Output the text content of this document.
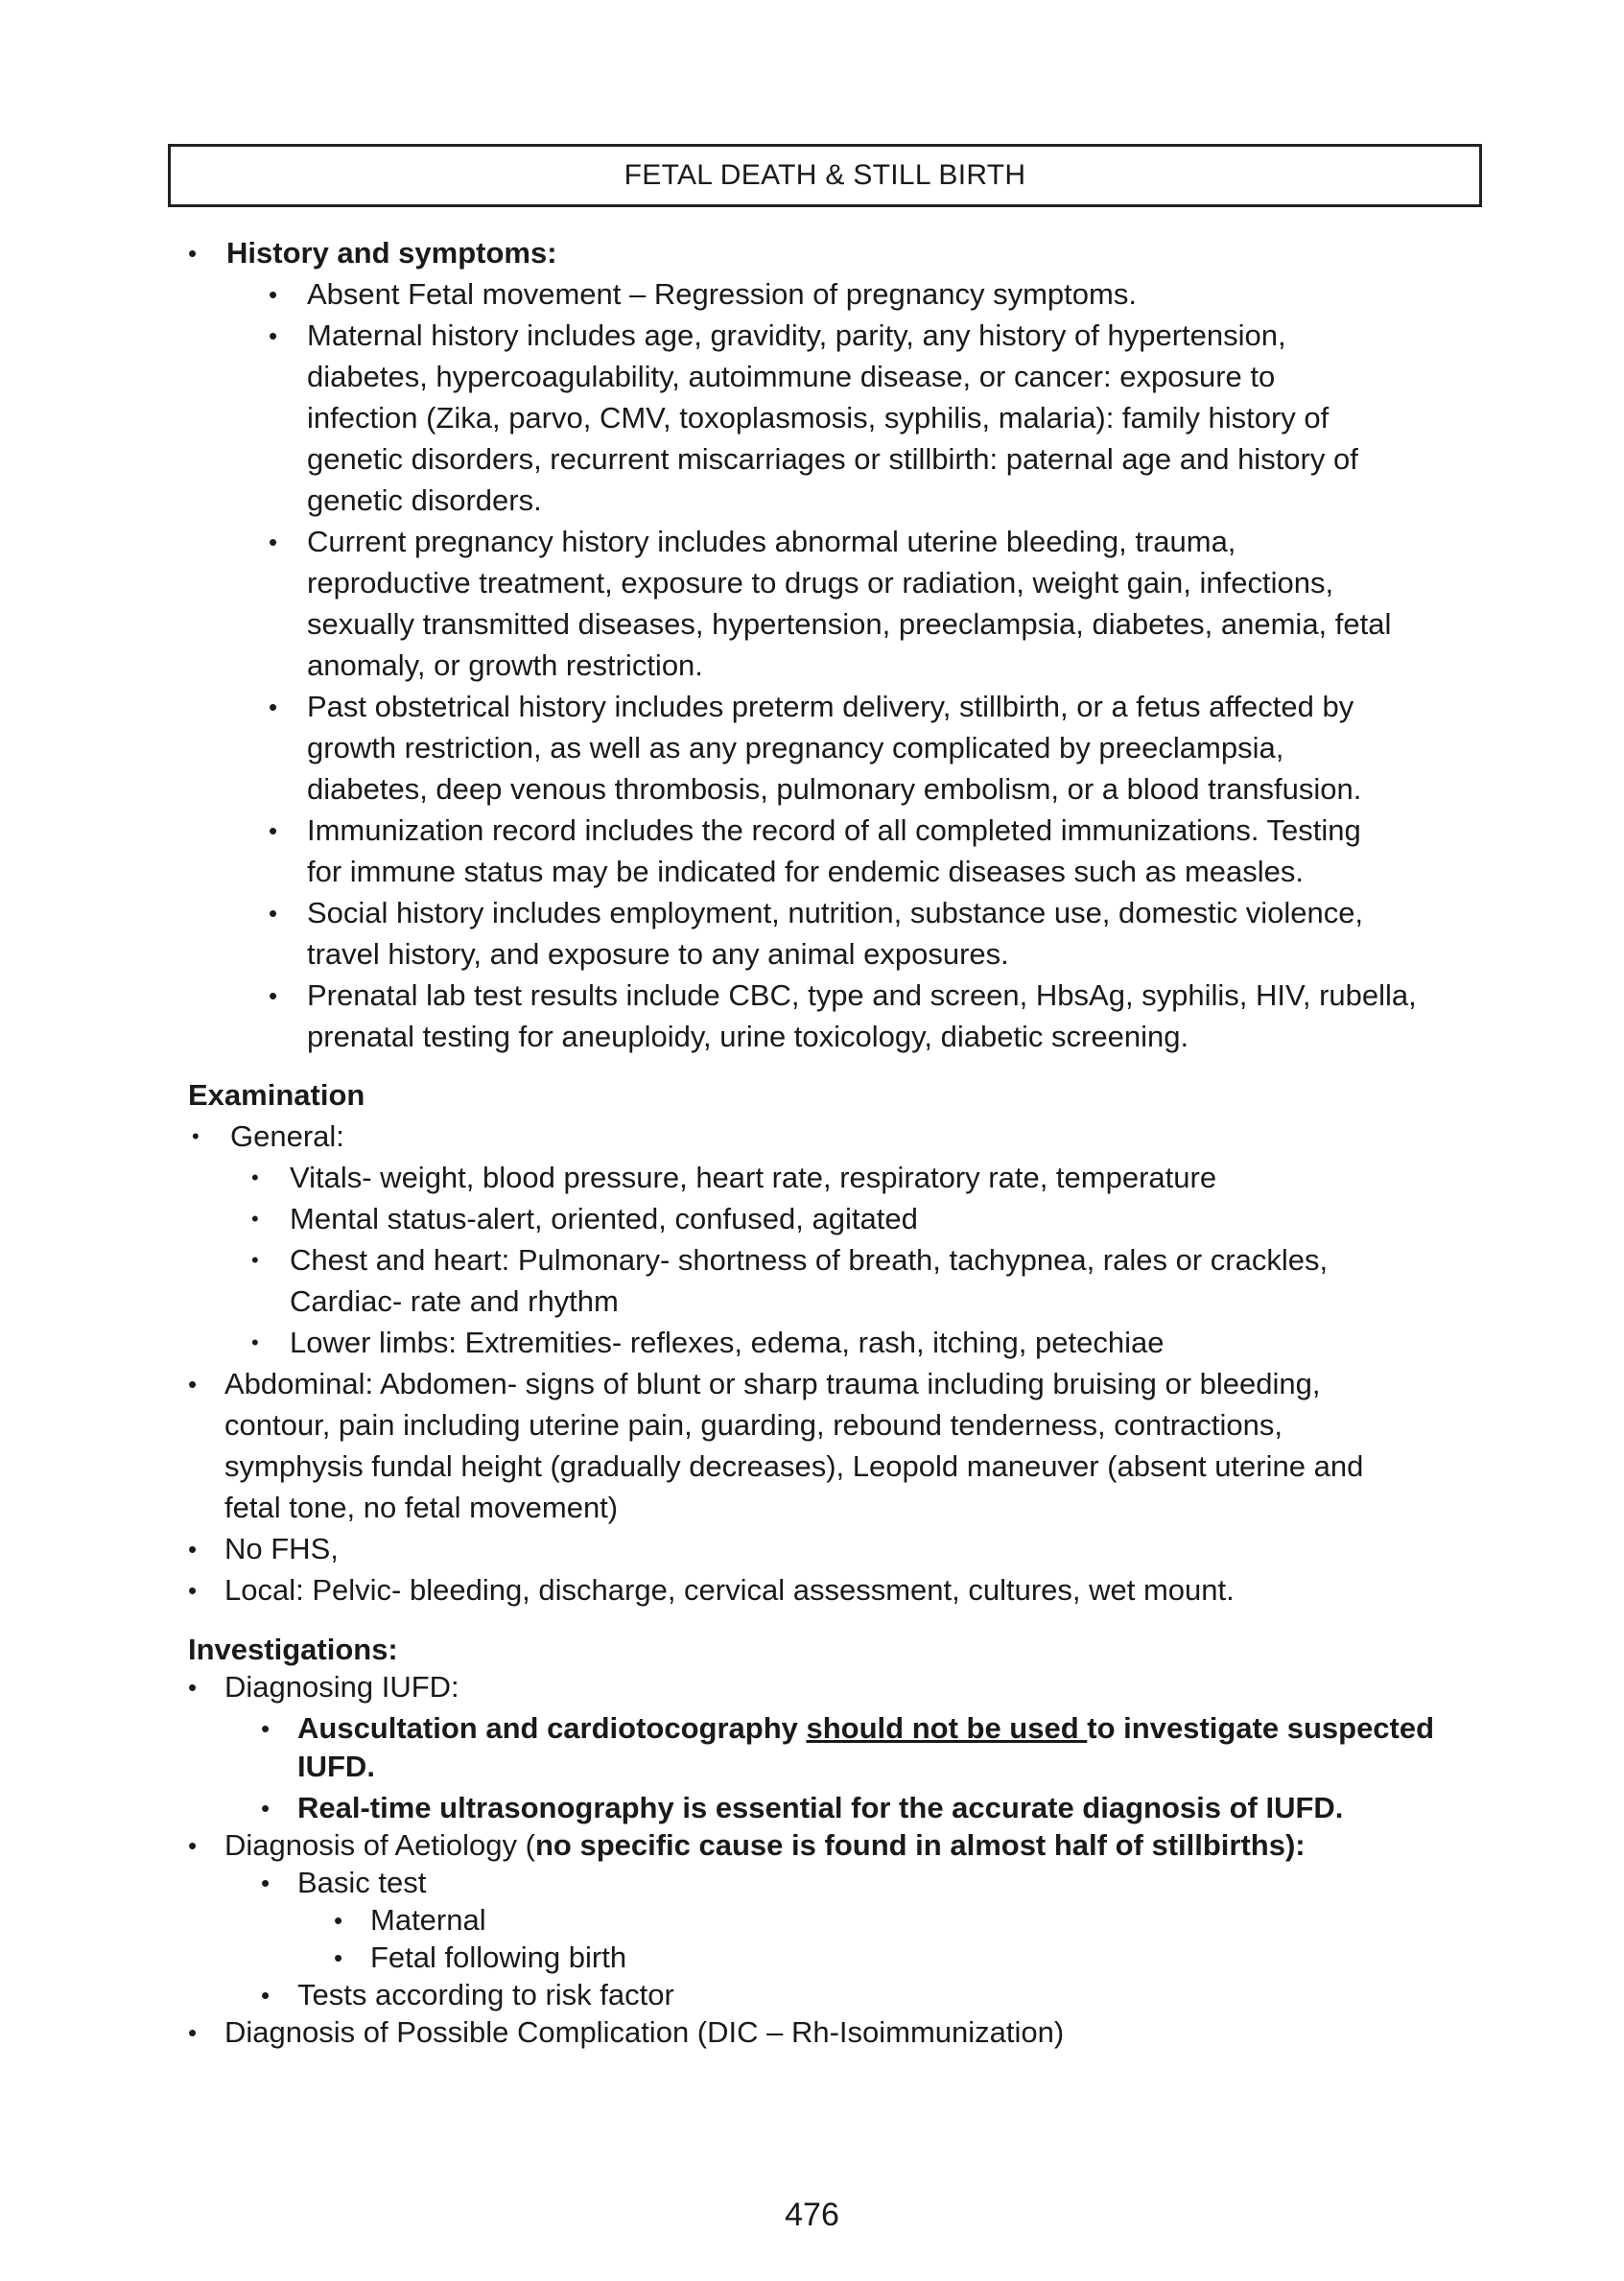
FETAL DEATH & STILL BIRTH
• History and symptoms:
• Absent Fetal movement – Regression of pregnancy symptoms.
• Maternal history includes age, gravidity, parity, any history of hypertension,
diabetes, hypercoagulability, autoimmune disease, or cancer: exposure to
infection (Zika, parvo, CMV, toxoplasmosis, syphilis, malaria): family history of
genetic disorders, recurrent miscarriages or stillbirth: paternal age and history of
genetic disorders.
• Current pregnancy history includes abnormal uterine bleeding, trauma,
reproductive treatment, exposure to drugs or radiation, weight gain, infections,
sexually transmitted diseases, hypertension, preeclampsia, diabetes, anemia, fetal
anomaly, or growth restriction.
• Past obstetrical history includes preterm delivery, stillbirth, or a fetus affected by
growth restriction, as well as any pregnancy complicated by preeclampsia,
diabetes, deep venous thrombosis, pulmonary embolism, or a blood transfusion.
• Immunization record includes the record of all completed immunizations. Testing
for immune status may be indicated for endemic diseases such as measles.
• Social history includes employment, nutrition, substance use, domestic violence,
travel history, and exposure to any animal exposures.
• Prenatal lab test results include CBC, type and screen, HbsAg, syphilis, HIV, rubella,
prenatal testing for aneuploidy, urine toxicology, diabetic screening.
Examination
• General:
• Vitals- weight, blood pressure, heart rate, respiratory rate, temperature
• Mental status-alert, oriented, confused, agitated
• Chest and heart: Pulmonary- shortness of breath, tachypnea, rales or crackles,
Cardiac- rate and rhythm
• Lower limbs: Extremities- reflexes, edema, rash, itching, petechiae
• Abdominal: Abdomen- signs of blunt or sharp trauma including bruising or bleeding,
contour, pain including uterine pain, guarding, rebound tenderness, contractions,
symphysis fundal height (gradually decreases), Leopold maneuver (absent uterine and
fetal tone, no fetal movement)
• No FHS,
• Local: Pelvic- bleeding, discharge, cervical assessment, cultures, wet mount.
Investigations:
• Diagnosing IUFD:
• Auscultation and cardiotocography should not be used to investigate suspected
IUFD.
• Real-time ultrasonography is essential for the accurate diagnosis of IUFD.
• Diagnosis of Aetiology (no specific cause is found in almost half of stillbirths):
• Basic test
• Maternal
• Fetal following birth
• Tests according to risk factor
• Diagnosis of Possible Complication (DIC – Rh-Isoimmunization)
476
